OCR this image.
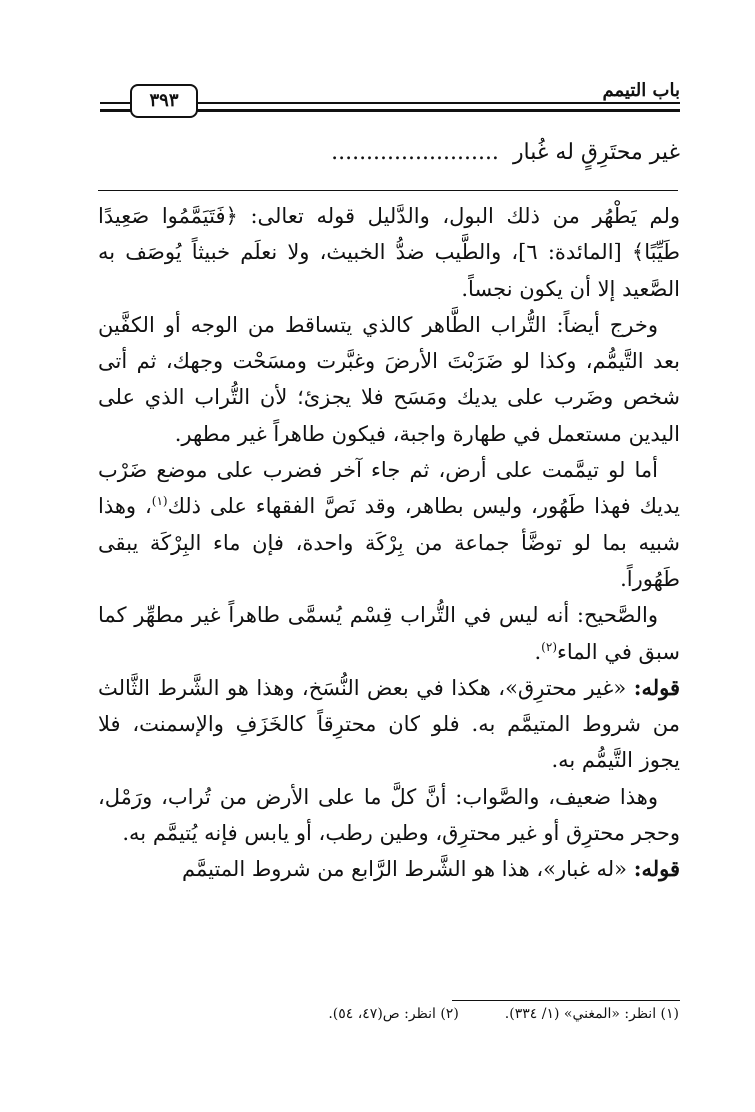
باب التيمم
٣٩٣
غير محتَرِقٍ له غُبار........................

ولم يَطْهُر من ذلك البول، والدَّليل قوله تعالى: ﴿فَتَيَمَّمُوا صَعِيدًا طَيِّبًا﴾ [المائدة: ٦]، والطَّيب ضدُّ الخبيث، ولا نعلَم خبيثاً يُوصَف به الصَّعيد إلا أن يكون نجساً.

وخرج أيضاً: التُّراب الطَّاهر كالذي يتساقط من الوجه أو الكفَّين بعد التَّيمُّم، وكذا لو ضَرَبْتَ الأرضَ وغبَّرت ومسَحْت وجهك، ثم أتى شخص وضَرب على يديك ومَسَح فلا يجزئ؛ لأن التُّراب الذي على اليدين مستعمل في طهارة واجبة، فيكون طاهراً غير مطهر.

أما لو تيمَّمت على أرض، ثم جاء آخر فضرب على موضع ضَرْب يديك فهذا طَهُور، وليس بطاهر، وقد نَصَّ الفقهاء على ذلك$^{(١)}$، وهذا شبيه بما لو توضَّأ جماعة من بِرْكَة واحدة، فإن ماء البِرْكَة يبقى طَهُوراً.

والصَّحيح: أنه ليس في التُّراب قِسْم يُسمَّى طاهراً غير مطهِّر كما سبق في الماء$^{(٢)}$.

قوله: «غير محترِق»، هكذا في بعض النُّسَخ، وهذا هو الشَّرط الثَّالث من شروط المتيمَّم به. فلو كان محترِقاً كالخَزَفِ والإسمنت، فلا يجوز التَّيمُّم به.

وهذا ضعيف، والصَّواب: أنَّ كلَّ ما على الأرض من تُراب، ورَمْل، وحجر محترِق أو غير محترِق، وطين رطب، أو يابس فإنه يُتيمَّم به.

قوله: «له غبار»، هذا هو الشَّرط الرَّابع من شروط المتيمَّم

(١) انظر: «المغني» (١/ ٣٣٤).(٢) انظر: ص(٤٧، ٥٤).
